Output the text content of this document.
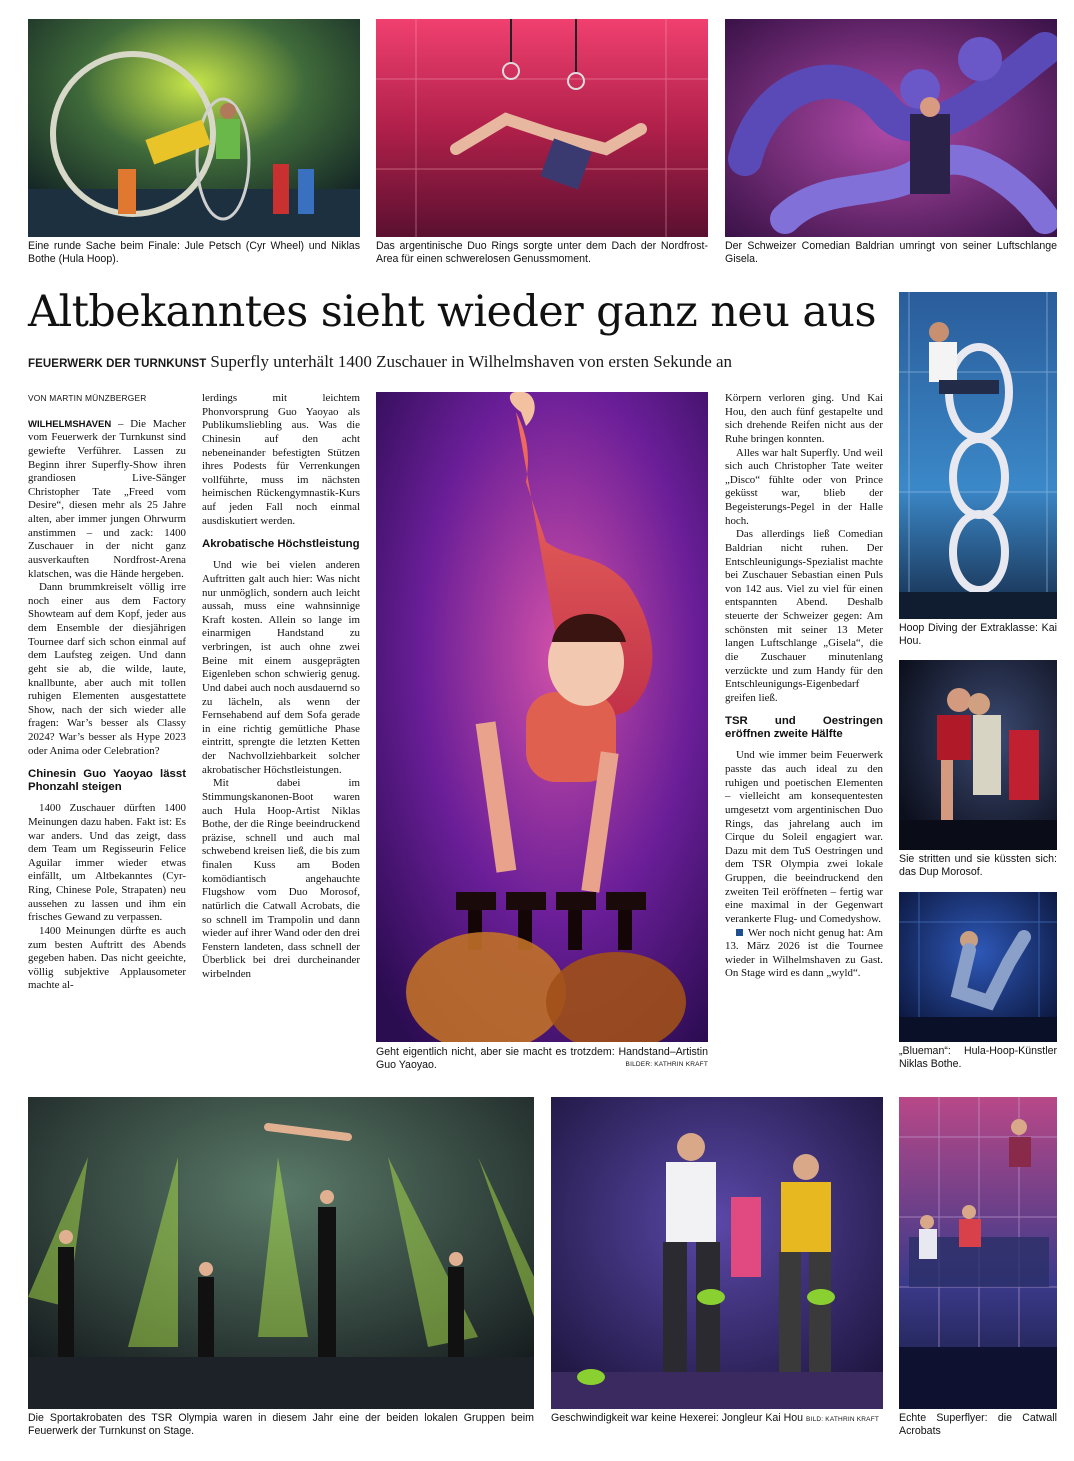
Eine runde Sache beim Finale: Jule Petsch (Cyr Wheel) und Niklas Bothe (Hula Hoop).
Das argentinische Duo Rings sorgte unter dem Dach der Nordfrost-Area für einen schwerelosen Genussmoment.
Der Schweizer Comedian Baldrian umringt von seiner Luftschlange Gisela.
Altbekanntes sieht wieder ganz neu aus
FEUERWERK DER TURNKUNST Superfly unterhält 1400 Zuschauer in Wilhelmshaven von ersten Sekunde an
Hoop Diving der Extraklasse: Kai Hou.
Sie stritten und sie küssten sich: das Dup Morosof.
„Blueman“: Hula-Hoop-Künstler Niklas Bothe.
Geht eigentlich nicht, aber sie macht es trotzdem: Handstand–Artistin Guo Yaoyao.	BILDER: KATHRIN KRAFT
VON MARTIN MÜNZBERGER

WILHELMSHAVEN – Die Macher vom Feuerwerk der Turnkunst sind gewiefte Verführer. Lassen zu Beginn ihrer Superfly-Show ihren grandiosen Live-Sänger Christopher Tate „Freed vom Desire“, diesen mehr als 25 Jahre alten, aber immer jungen Ohrwurm anstimmen – und zack: 1400 Zuschauer in der nicht ganz ausverkauften Nordfrost-Arena klatschen, was die Hände hergeben.

Dann brummkreiselt völlig irre noch einer aus dem Factory Showteam auf dem Kopf, jeder aus dem Ensemble der diesjährigen Tournee darf sich schon einmal auf dem Laufsteg zeigen. Und dann geht sie ab, die wilde, laute, knallbunte, aber auch mit tollen ruhigen Elementen ausgestattete Show, nach der sich wieder alle fragen: War’s besser als Classy 2024? War’s besser als Hype 2023 oder Anima oder Celebration?

Chinesin Guo Yaoyao lässt Phonzahl steigen

1400 Zuschauer dürften 1400 Meinungen dazu haben. Fakt ist: Es war anders. Und das zeigt, dass dem Team um Regisseurin Felice Aguilar immer wieder etwas einfällt, um Altbekanntes (Cyr-Ring, Chinese Pole, Strapaten) neu aussehen zu lassen und ihm ein frisches Gewand zu verpassen.

1400 Meinungen dürfte es auch zum besten Auftritt des Abends gegeben haben. Das nicht geeichte, völlig subjektive Applausometer machte al-

lerdings mit leichtem Phonvorsprung Guo Yaoyao als Publikumsliebling aus. Was die Chinesin auf den acht nebeneinander befestigten Stützen ihres Podests für Verrenkungen vollführte, muss im nächsten heimischen Rückengymnastik-Kurs auf jeden Fall noch einmal ausdiskutiert werden.

Akrobatische Höchstleistung

Und wie bei vielen anderen Auftritten galt auch hier: Was nicht nur unmöglich, sondern auch leicht aussah, muss eine wahnsinnige Kraft kosten. Allein so lange im einarmigen Handstand zu verbringen, ist auch ohne zwei Beine mit einem ausgeprägten Eigenleben schon schwierig genug. Und dabei auch noch ausdauernd so zu lächeln, als wenn der Fernsehabend auf dem Sofa gerade in eine richtig gemütliche Phase eintritt, sprengte die letzten Ketten der Nachvollziehbarkeit solcher akrobatischer Höchstleistungen.

Mit dabei im Stimmungskanonen-Boot waren auch Hula Hoop-Artist Niklas Bothe, der die Ringe beeindruckend präzise, schnell und auch mal schwebend kreisen ließ, die bis zum finalen Kuss am Boden komödiantisch angehauchte Flugshow vom Duo Morosof, natürlich die Catwall Acrobats, die so schnell im Trampolin und dann wieder auf ihrer Wand oder den drei Fenstern landeten, dass schnell der Überblick bei drei durcheinander wirbelnden

Körpern verloren ging. Und Kai Hou, den auch fünf gestapelte und sich drehende Reifen nicht aus der Ruhe bringen konnten.

Alles war halt Superfly. Und weil sich auch Christopher Tate weiter „Disco“ fühlte oder von Prince geküsst war, blieb der Begeisterungs-Pegel in der Halle hoch.

Das allerdings ließ Comedian Baldrian nicht ruhen. Der Entschleunigungs-Spezialist machte bei Zuschauer Sebastian einen Puls von 142 aus. Viel zu viel für einen entspannten Abend. Deshalb steuerte der Schweizer gegen: Am schönsten mit seiner 13 Meter langen Luftschlange „Gisela“, die die Zuschauer minutenlang verzückte und zum Handy für den Entschleunigungs-Eigenbedarf greifen ließ.

TSR und Oestringen eröffnen zweite Hälfte

Und wie immer beim Feuerwerk passte das auch ideal zu den ruhigen und poetischen Elementen – vielleicht am konsequentesten umgesetzt vom argentinischen Duo Rings, das jahrelang auch im Cirque du Soleil engagiert war. Dazu mit dem TuS Oestringen und dem TSR Olympia zwei lokale Gruppen, die beeindruckend den zweiten Teil eröffneten – fertig war eine maximal in der Gegenwart verankerte Flug- und Comedyshow.

Wer noch nicht genug hat: Am 13. März 2026 ist die Tournee wieder in Wilhelmshaven zu Gast. On Stage wird es dann „wyld“.

Die Sportakrobaten des TSR Olympia waren in diesem Jahr eine der beiden lokalen Gruppen beim Feuerwerk der Turnkunst on Stage.
Geschwindigkeit war keine Hexerei: Jongleur Kai Hou BILD: KATHRIN KRAFT	Echte Superflyer: die Catwall Acrobats
